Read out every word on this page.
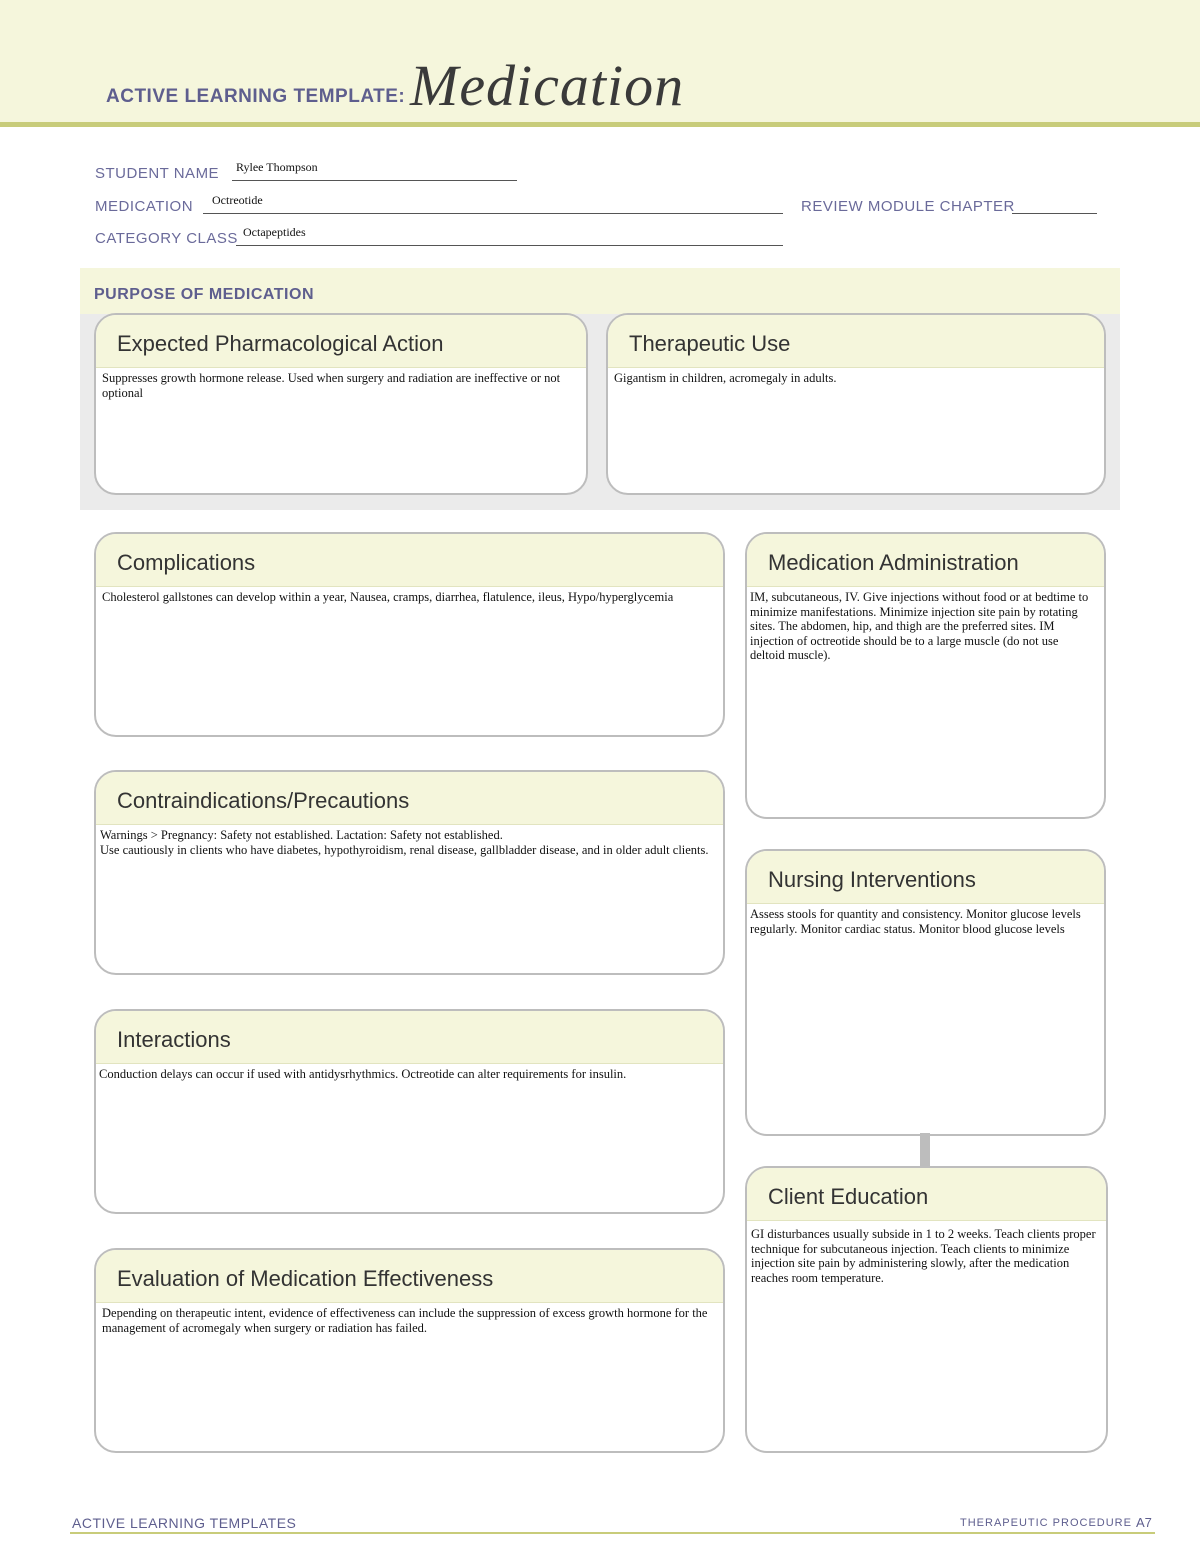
ACTIVE LEARNING TEMPLATE: Medication
STUDENT NAME Rylee Thompson
MEDICATION Octreotide	REVIEW MODULE CHAPTER
CATEGORY CLASS Octapeptides
PURPOSE OF MEDICATION
Expected Pharmacological Action
Suppresses growth hormone release. Used when surgery and radiation are ineffective or not optional
Therapeutic Use
Gigantism in children, acromegaly in adults.
Complications
Cholesterol gallstones can develop within a year, Nausea, cramps, diarrhea, flatulence, ileus, Hypo/hyperglycemia
Contraindications/Precautions
Warnings > Pregnancy: Safety not established. Lactation: Safety not established.
Use cautiously in clients who have diabetes, hypothyroidism, renal disease, gallbladder disease, and in older adult clients.
Interactions
Conduction delays can occur if used with antidysrhythmics. Octreotide can alter requirements for insulin.
Evaluation of Medication Effectiveness
Depending on therapeutic intent, evidence of effectiveness can include the suppression of excess growth hormone for the management of acromegaly when surgery or radiation has failed.
Medication Administration
IM, subcutaneous, IV. Give injections without food or at bedtime to minimize manifestations. Minimize injection site pain by rotating sites. The abdomen, hip, and thigh are the preferred sites. IM injection of octreotide should be to a large muscle (do not use deltoid muscle).
Nursing Interventions
Assess stools for quantity and consistency. Monitor glucose levels regularly. Monitor cardiac status. Monitor blood glucose levels
Client Education
GI disturbances usually subside in 1 to 2 weeks. Teach clients proper technique for subcutaneous injection. Teach clients to minimize injection site pain by administering slowly, after the medication reaches room temperature.
ACTIVE LEARNING TEMPLATES	THERAPEUTIC PROCEDURE A7
